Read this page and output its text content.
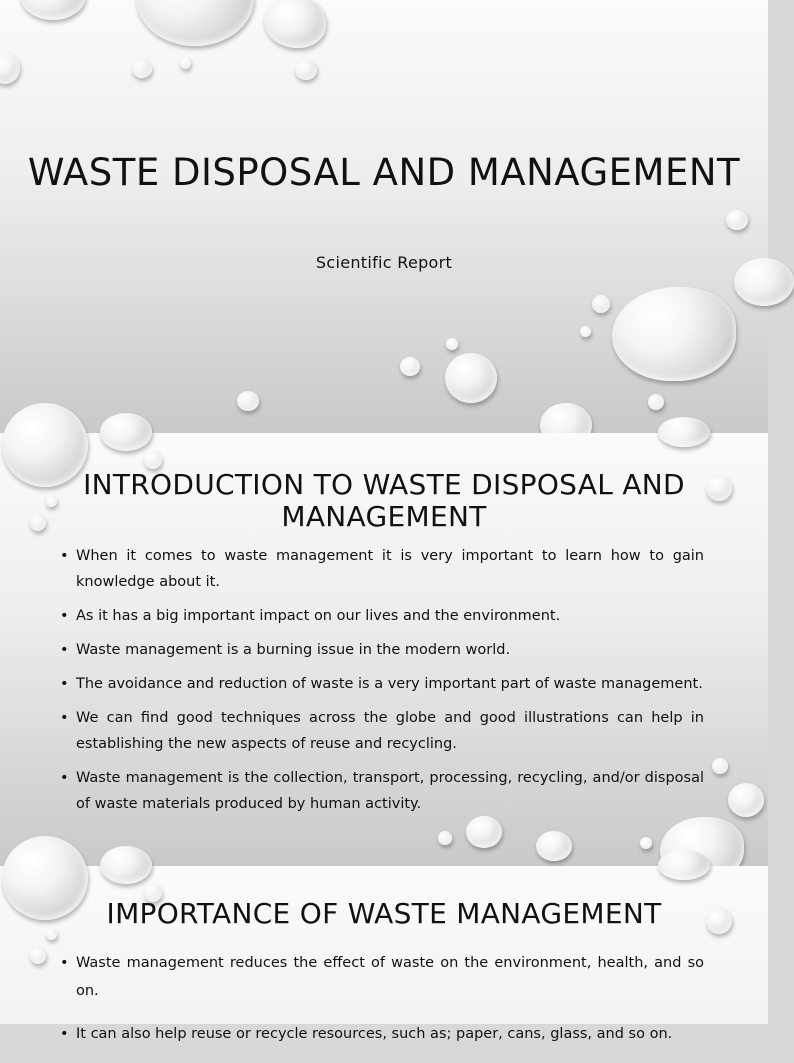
WASTE DISPOSAL AND MANAGEMENT
Scientific Report
INTRODUCTION TO WASTE DISPOSAL AND MANAGEMENT
• When it comes to waste management it is very important to learn how to gain knowledge about it.
• As it has a big important impact on our lives and the environment.
• Waste management is a burning issue in the modern world.
• The avoidance and reduction of waste is a very important part of waste management.
• We can find good techniques across the globe and good illustrations can help in establishing the new aspects of reuse and recycling.
• Waste management is the collection, transport, processing, recycling, and/or disposal of waste materials produced by human activity.
IMPORTANCE OF WASTE MANAGEMENT
• Waste management reduces the effect of waste on the environment, health, and so on.
• It can also help reuse or recycle resources, such as; paper, cans, glass, and so on.
